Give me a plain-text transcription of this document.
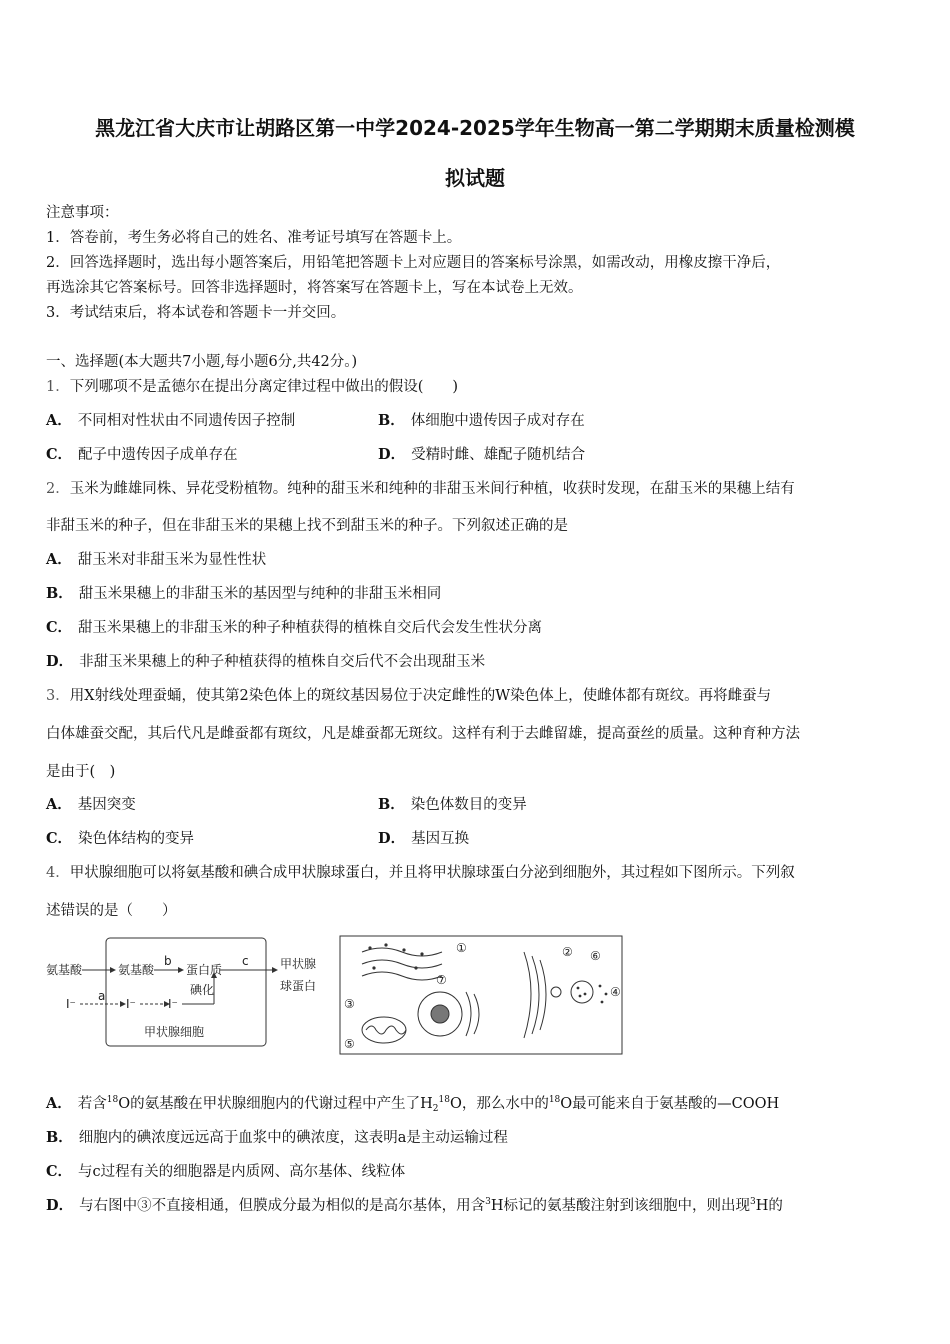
黑龙江省大庆市让胡路区第一中学2024-2025学年生物高一第二学期期末质量检测模
拟试题
注意事项：
1．答卷前，考生务必将自己的姓名、准考证号填写在答题卡上。
2．回答选择题时，选出每小题答案后，用铅笔把答题卡上对应题目的答案标号涂黑，如需改动，用橡皮擦干净后，
再选涂其它答案标号。回答非选择题时，将答案写在答题卡上，写在本试卷上无效。
3．考试结束后，将本试卷和答题卡一并交回。
一、选择题(本大题共7小题,每小题6分,共42分。)
1．下列哪项不是孟德尔在提出分离定律过程中做出的假设(　　)
A． 不同相对性状由不同遗传因子控制	B． 体细胞中遗传因子成对存在
C． 配子中遗传因子成单存在	D． 受精时雌、雄配子随机结合
2．玉米为雌雄同株、异花受粉植物。纯种的甜玉米和纯种的非甜玉米间行种植，收获时发现，在甜玉米的果穗上结有
非甜玉米的种子，但在非甜玉米的果穗上找不到甜玉米的种子。下列叙述正确的是
A． 甜玉米对非甜玉米为显性性状
B． 甜玉米果穗上的非甜玉米的基因型与纯种的非甜玉米相同
C． 甜玉米果穗上的非甜玉米的种子种植获得的植株自交后代会发生性状分离
D． 非甜玉米果穗上的种子种植获得的植株自交后代不会出现甜玉米
3．用X射线处理蚕蛹，使其第2染色体上的斑纹基因易位于决定雌性的W染色体上，使雌体都有斑纹。再将雌蚕与
白体雄蚕交配，其后代凡是雌蚕都有斑纹，凡是雄蚕都无斑纹。这样有利于去雌留雄，提高蚕丝的质量。这种育种方法
是由于(　)
A． 基因突变	B． 染色体数目的变异
C． 染色体结构的变异	D． 基因互换
4．甲状腺细胞可以将氨基酸和碘合成甲状腺球蛋白，并且将甲状腺球蛋白分泌到细胞外，其过程如下图所示。下列叙
述错误的是（　　）
氨基酸	氨基酸	蛋白质
碘化
甲状腺
球蛋白
I⁻	I⁻	I⁻
甲状腺细胞
a
b	c
①	②
③
④
⑤
⑥
⑦
A． 若含$^{18}$O的氨基酸在甲状腺细胞内的代谢过程中产生了$H_2^{18}O$，那么水中的$^{18}$O最可能来自于氨基酸的—COOH
B． 细胞内的碘浓度远远高于血浆中的碘浓度，这表明a是主动运输过程
C． 与c过程有关的细胞器是内质网、高尔基体、线粒体
D． 与右图中③不直接相通，但膜成分最为相似的是高尔基体，用含$^3$H标记的氨基酸注射到该细胞中，则出现$^3$H的
